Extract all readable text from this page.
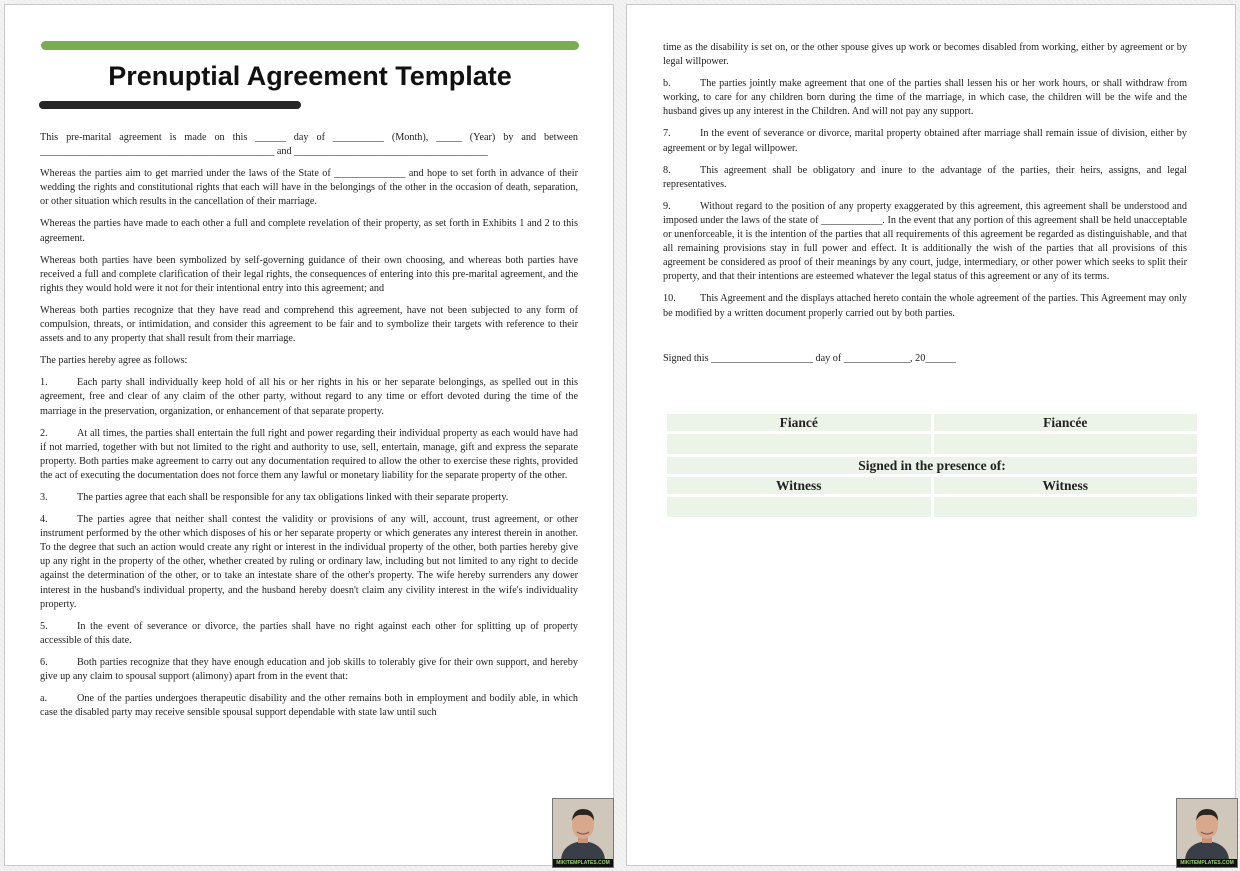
Prenuptial Agreement Template

This pre-marital agreement is made on this ______ day of __________ (Month), _____ (Year) by and between ______________________________________________ and ______________________________________

Whereas the parties aim to get married under the laws of the State of ______________ and hope to set forth in advance of their wedding the rights and constitutional rights that each will have in the belongings of the other in the occasion of death, separation, or other situation which results in the cancellation of their marriage.

Whereas the parties have made to each other a full and complete revelation of their property, as set forth in Exhibits 1 and 2 to this agreement.

Whereas both parties have been symbolized by self-governing guidance of their own choosing, and whereas both parties have received a full and complete clarification of their legal rights, the consequences of entering into this pre-marital agreement, and the rights they would hold were it not for their intentional entry into this agreement; and

Whereas both parties recognize that they have read and comprehend this agreement, have not been subjected to any form of compulsion, threats, or intimidation, and consider this agreement to be fair and to symbolize their targets with reference to their assets and to any property that shall result from their marriage.

The parties hereby agree as follows:

1.	Each party shall individually keep hold of all his or her rights in his or her separate belongings, as spelled out in this agreement, free and clear of any claim of the other party, without regard to any time or effort devoted during the time of the marriage in the preservation, organization, or enhancement of that separate property.

2.	At all times, the parties shall entertain the full right and power regarding their individual property as each would have had if not married, together with but not limited to the right and authority to use, sell, entertain, manage, gift and express the separate property. Both parties make agreement to carry out any documentation required to allow the other to exercise these rights, provided the act of executing the documentation does not force them any lawful or monetary liability for the separate property of the other.

3.	The parties agree that each shall be responsible for any tax obligations linked with their separate property.

4.	The parties agree that neither shall contest the validity or provisions of any will, account, trust agreement, or other instrument performed by the other which disposes of his or her separate property or which generates any interest therein in another. To the degree that such an action would create any right or interest in the individual property of the other, both parties hereby give up any right in the property of the other, whether created by ruling or ordinary law, including but not limited to any right to decide against the determination of the other, or to take an intestate share of the other's property. The wife hereby surrenders any dower interest in the husband's individual property, and the husband hereby doesn't claim any civility interest in the wife's individuality property.

5.	In the event of severance or divorce, the parties shall have no right against each other for splitting up of property accessible of this date.

6.	Both parties recognize that they have enough education and job skills to tolerably give for their own support, and hereby give up any claim to spousal support (alimony) apart from in the event that:

a.	One of the parties undergoes therapeutic disability and the other remains both in employment and bodily able, in which case the disabled party may receive sensible spousal support dependable with state law until such

time as the disability is set on, or the other spouse gives up work or becomes disabled from working, either by agreement or by legal willpower.

b.	The parties jointly make agreement that one of the parties shall lessen his or her work hours, or shall withdraw from working, to care for any children born during the time of the marriage, in which case, the children will be the wife and the husband gives up any interest in the Children. And will not pay any support.

7.	In the event of severance or divorce, marital property obtained after marriage shall remain issue of division, either by agreement or by legal willpower.

8.	This agreement shall be obligatory and inure to the advantage of the parties, their heirs, assigns, and legal representatives.

9.	Without regard to the position of any property exaggerated by this agreement, this agreement shall be understood and imposed under the laws of the state of ____________. In the event that any portion of this agreement shall be held unacceptable or unenforceable, it is the intention of the parties that all requirements of this agreement be regarded as distinguishable, and that all remaining provisions stay in full power and effect. It is additionally the wish of the parties that all provisions of this agreement be considered as proof of their meanings by any court, judge, intermediary, or other power which seeks to split their property, and that their intentions are esteemed whatever the legal status of this agreement or any of its terms.

10. This Agreement and the displays attached hereto contain the whole agreement of the parties. This Agreement may only be modified by a written document properly carried out by both parties.

Signed this ____________________ day of _____________, 20______

Fiancé	Fiancée

Signed in the presence of:	
Witness	Witness

MIKITEMPLATES.COM	MIKITEMPLATES.COM
